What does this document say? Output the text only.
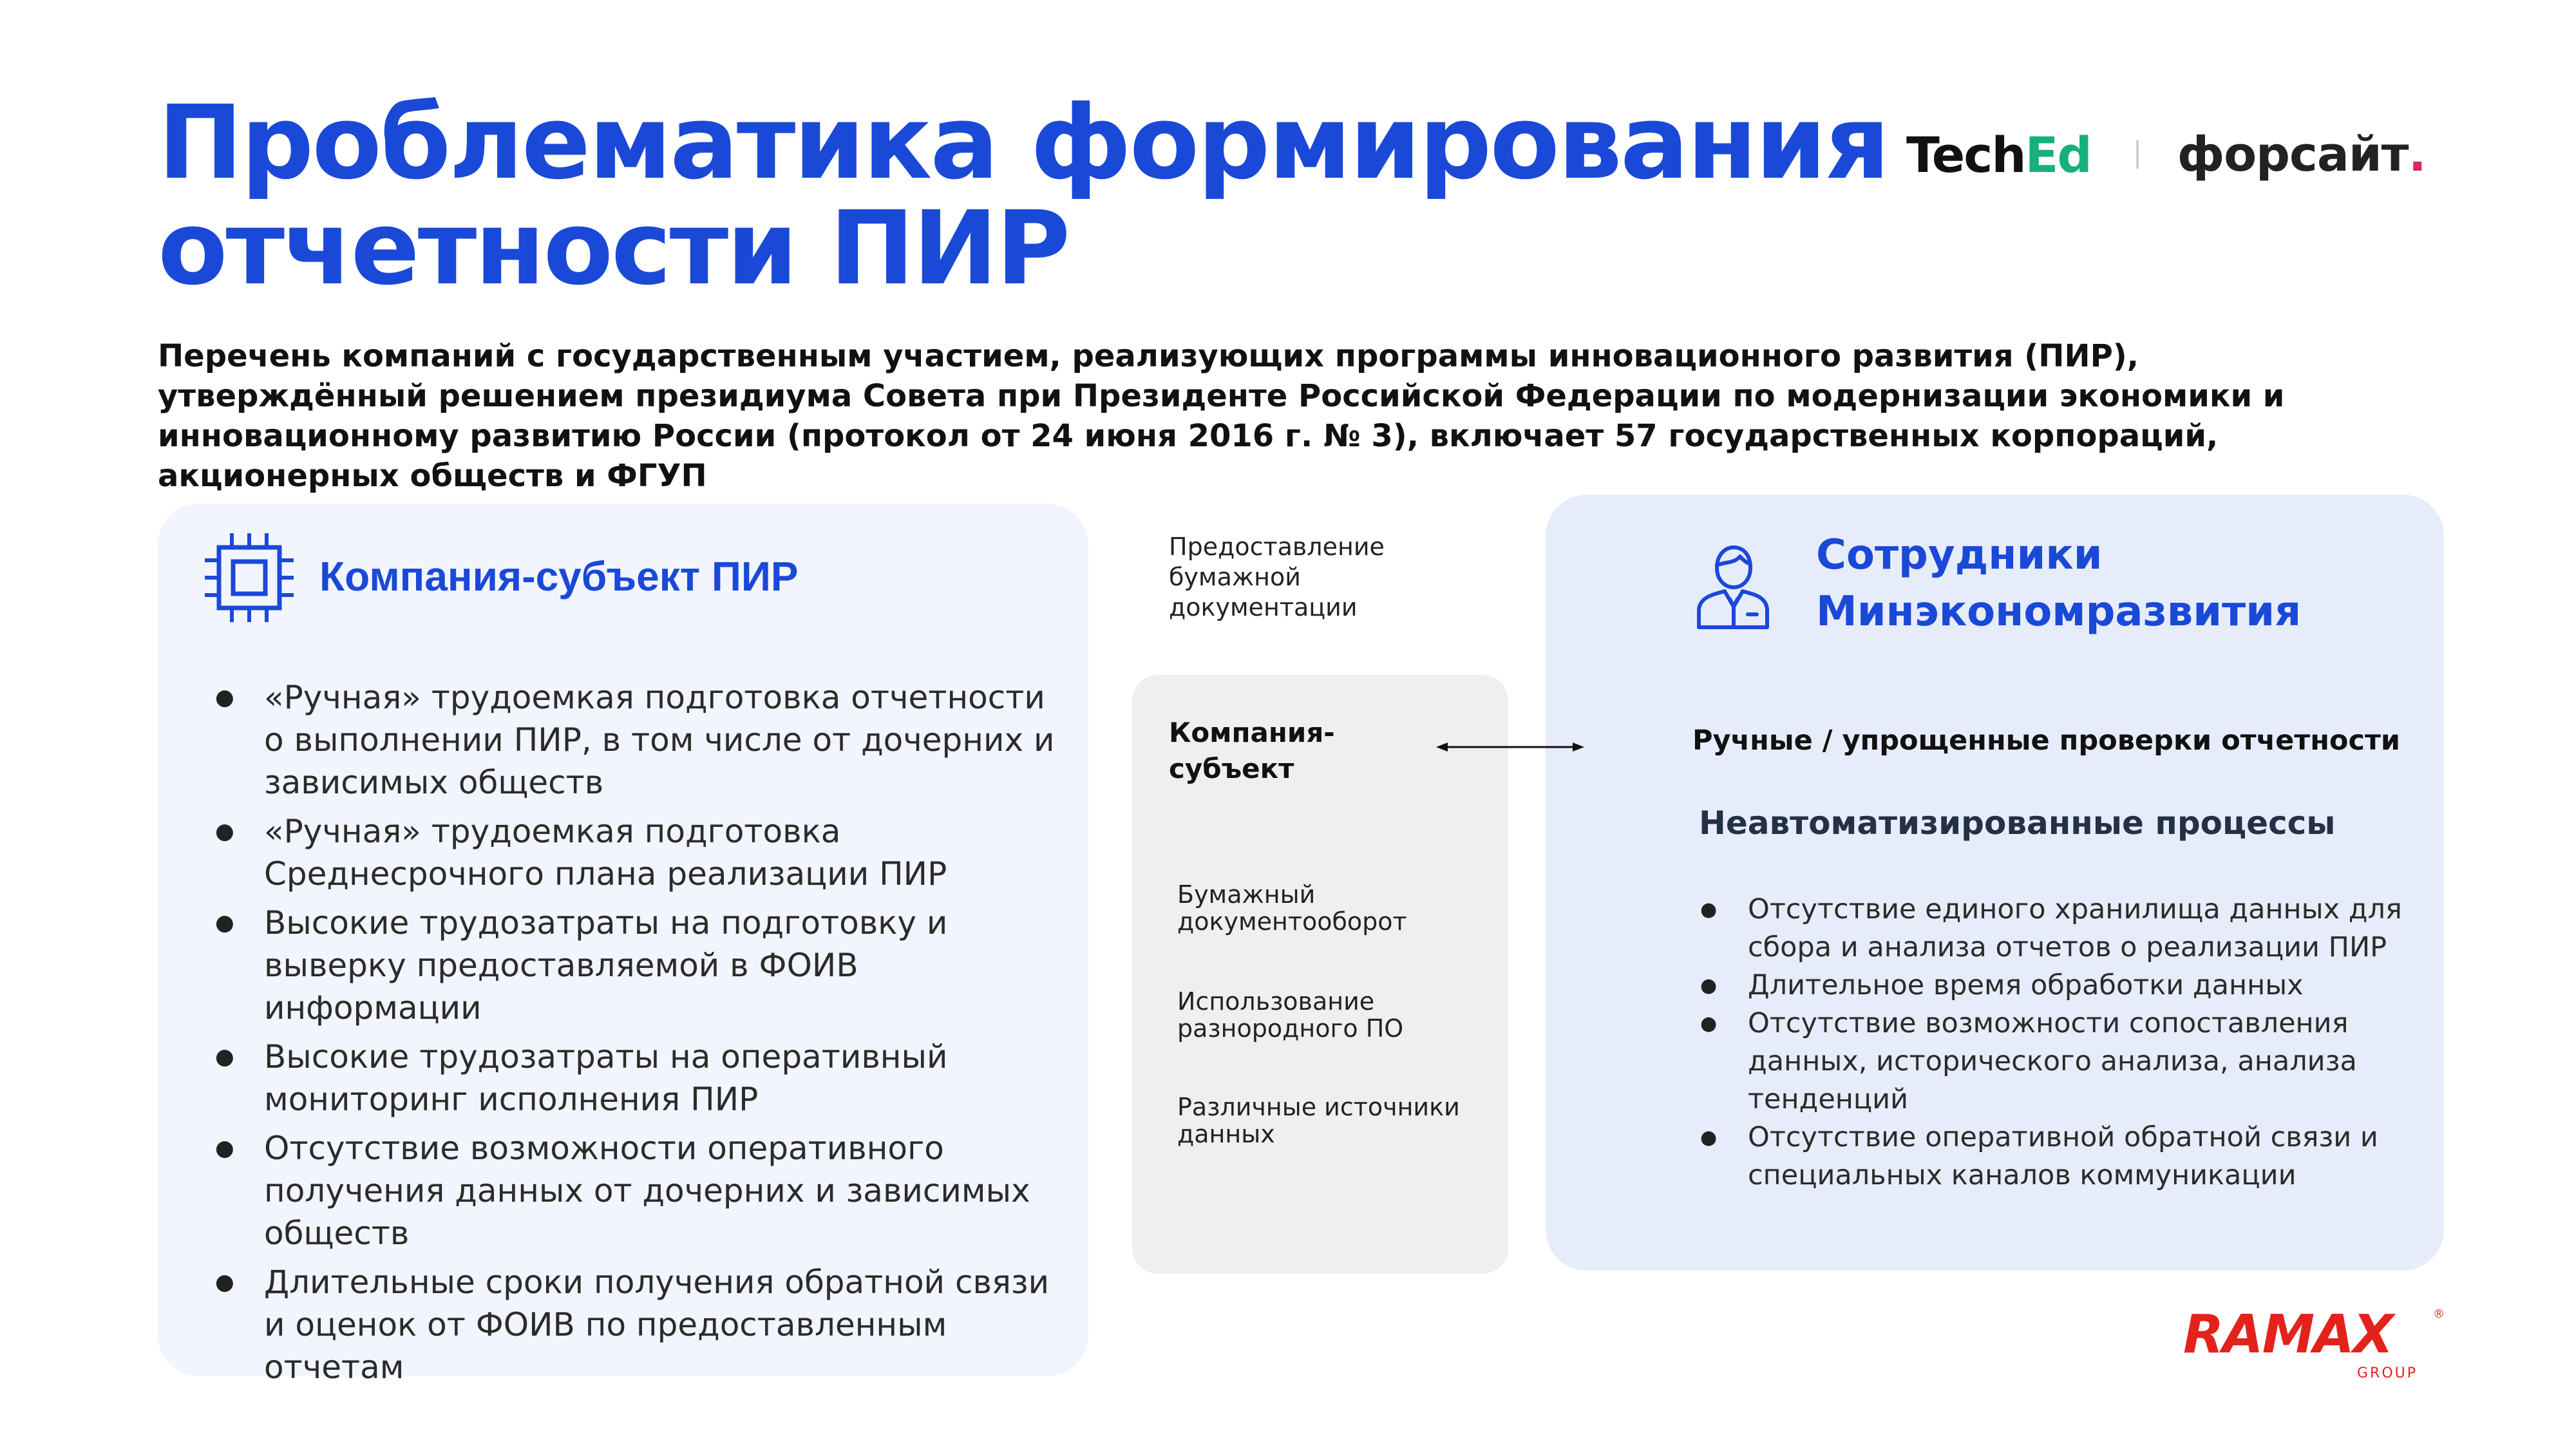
Проблематика формирования
отчетности ПИР
TechEd форсайт.

Перечень компаний с государственным участием, реализующих программы инновационного развития (ПИР), утверждённый решением президиума Совета при Президенте Российской Федерации по модернизации экономики и инновационному развитию России (протокол от 24 июня 2016 г. № 3), включает 57 государственных корпораций, акционерных обществ и ФГУП

Компания-субъект ПИР
● «Ручная» трудоемкая подготовка отчетности о выполнении ПИР, в том числе от дочерних и зависимых обществ
● «Ручная» трудоемкая подготовка Среднесрочного плана реализации ПИР
● Высокие трудозатраты на подготовку и выверку предоставляемой в ФОИВ информации
● Высокие трудозатраты на оперативный мониторинг исполнения ПИР
● Отсутствие возможности оперативного получения данных от дочерних и зависимых обществ
● Длительные сроки получения обратной связи и оценок от ФОИВ по предоставленным отчетам

Предоставление бумажной документации

Компания-субъект

Бумажный документооборот

Использование разнородного ПО

Различные источники данных

Сотрудники
Минэкономразвития

Ручные / упрощенные проверки отчетности

Неавтоматизированные процессы

● Отсутствие единого хранилища данных для сбора и анализа отчетов о реализации ПИР
● Длительное время обработки данных
● Отсутствие возможности сопоставления данных, исторического анализа, анализа тенденций
● Отсутствие оперативной обратной связи и специальных каналов коммуникации
RAMAX	®
GROUP
